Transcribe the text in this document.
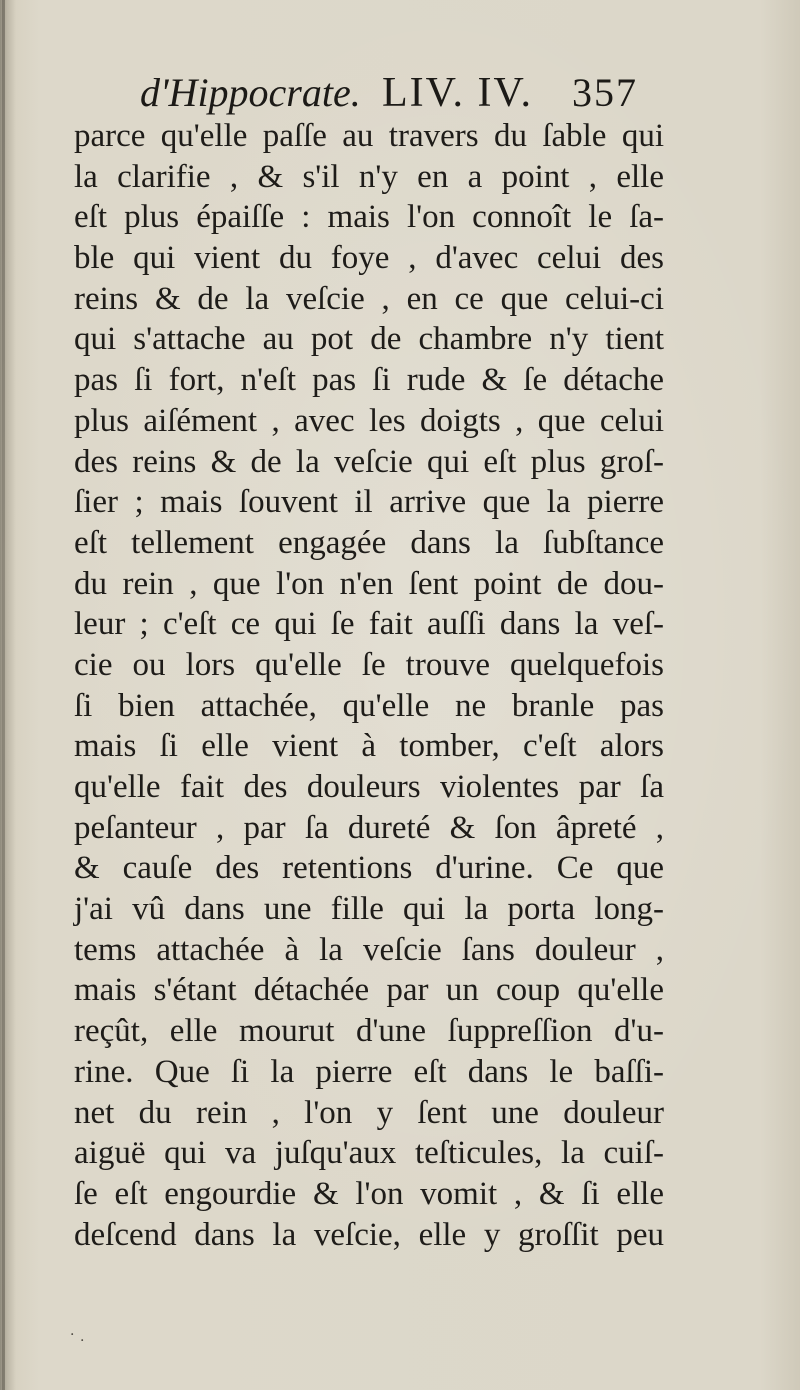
d'Hippocrate. LIV. IV. 357
parce qu'elle paſſe au travers du ſable qui
la clarifie , & s'il n'y en a point , elle
eſt plus épaiſſe : mais l'on connoît le ſa-
ble qui vient du foye , d'avec celui des
reins & de la veſcie , en ce que celui-ci
qui s'attache au pot de chambre n'y tient
pas ſi fort, n'eſt pas ſi rude & ſe détache
plus aiſément , avec les doigts , que celui
des reins & de la veſcie qui eſt plus groſ-
ſier ; mais ſouvent il arrive que la pierre
eſt tellement engagée dans la ſubſtance
du rein , que l'on n'en ſent point de dou-
leur ; c'eſt ce qui ſe fait auſſi dans la veſ-
cie ou lors qu'elle ſe trouve quelquefois
ſi bien attachée, qu'elle ne branle pas
mais ſi elle vient à tomber, c'eſt alors
qu'elle fait des douleurs violentes par ſa
peſanteur , par ſa dureté & ſon âpreté ,
& cauſe des retentions d'urine. Ce que
j'ai vû dans une fille qui la porta long-
tems attachée à la veſcie ſans douleur ,
mais s'étant détachée par un coup qu'elle
reçût, elle mourut d'une ſuppreſſion d'u-
rine. Que ſi la pierre eſt dans le baſſi-
net du rein , l'on y ſent une douleur
aiguë qui va juſqu'aux teſticules, la cuiſ-
ſe eſt engourdie & l'on vomit , & ſi elle
deſcend dans la veſcie, elle y groſſit peu
· ·
